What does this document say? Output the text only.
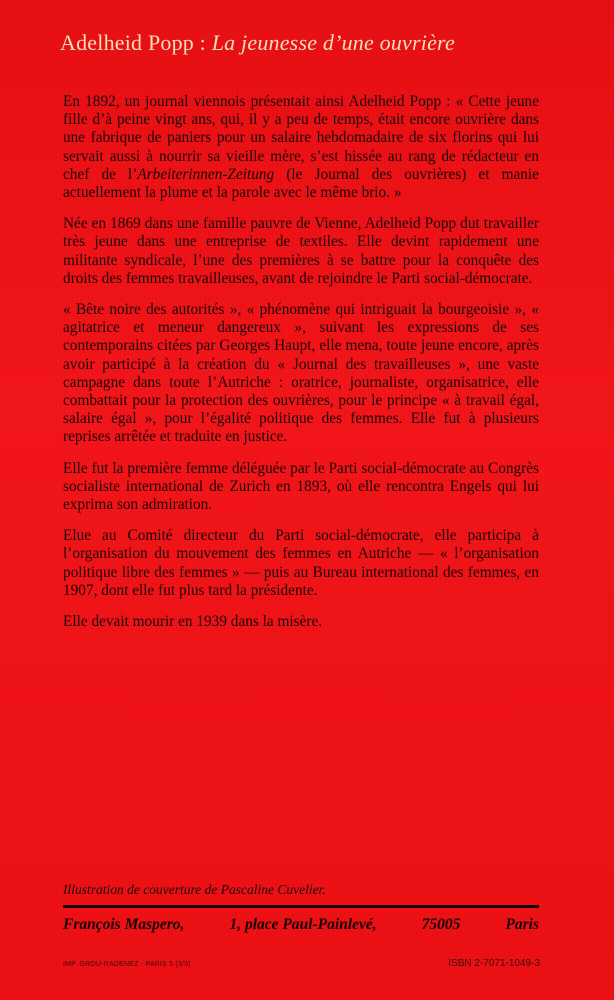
Adelheid Popp : La jeunesse d’une ouvrière

En 1892, un journal viennois présentait ainsi Adelheid Popp : « Cette jeune fille d’à peine vingt ans, qui, il y a peu de temps, était encore ouvrière dans une fabrique de paniers pour un salaire hebdomadaire de six florins qui lui servait aussi à nourrir sa vieille mère, s’est hissée au rang de rédacteur en chef de l’Arbeiterinnen-Zeitung (le Journal des ouvrières) et manie actuellement la plume et la parole avec le même brio. »

Née en 1869 dans une famille pauvre de Vienne, Adelheid Popp dut travailler très jeune dans une entreprise de textiles. Elle devint rapidement une militante syndicale, l’une des premières à se battre pour la conquête des droits des femmes travailleuses, avant de rejoindre le Parti social-démocrate.

« Bête noire des autorités », « phénomène qui intriguait la bourgeoisie », « agitatrice et meneur dangereux », suivant les expressions de ses contemporains citées par Georges Haupt, elle mena, toute jeune encore, après avoir participé à la création du « Journal des travailleuses », une vaste campagne dans toute l’Autriche : oratrice, journaliste, organisatrice, elle combattait pour la protection des ouvrières, pour le principe « à travail égal, salaire égal », pour l’égalité politique des femmes. Elle fut à plusieurs reprises arrêtée et traduite en justice.

Elle fut la première femme déléguée par le Parti social-démocrate au Congrès socialiste international de Zurich en 1893, où elle rencontra Engels qui lui exprima son admiration.

Elue au Comité directeur du Parti social-démocrate, elle participa à l’organisation du mouvement des femmes en Autriche — « l’organisation politique libre des femmes » — puis au Bureau international des femmes, en 1907, dont elle fut plus tard la présidente.

Elle devait mourir en 1939 dans la misère.

Illustration de couverture de Pascaline Cuvelier.
François Maspero,	1, place Paul-Painlevé,	75005	Paris
IMP. GROU-RADENEZ - PARIS 5 (3/3)	ISBN 2-7071-1049-3
